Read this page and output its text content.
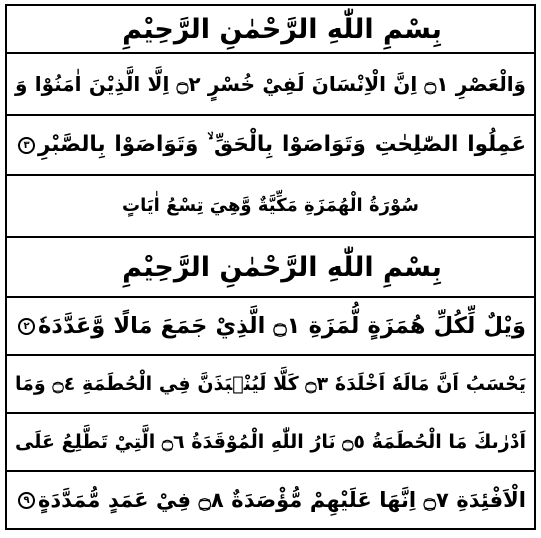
بِسْمِ اللّٰهِ الرَّحْمٰنِ الرَّحِيْمِ
وَالْعَصْرِ ۝١ اِنَّ الْاِنْسَانَ لَفِيْ خُسْرٍ ۝٢ اِلَّا الَّذِيْنَ اٰمَنُوْا وَ
عَمِلُوا الصّٰلِحٰتِ وَتَوَاصَوْا بِالْحَقِّ ۙ وَتَوَاصَوْا بِالصَّبْرِ
٣
سُوْرَةُ الْهُمَزَةِ مَكِّيَّةٌ وَّهِيَ تِسْعُ اٰيَاتٍ
بِسْمِ اللّٰهِ الرَّحْمٰنِ الرَّحِيْمِ
وَيْلٌ لِّكُلِّ هُمَزَةٍ لُّمَزَةِ ۝١ الَّذِيْ جَمَعَ مَالًا وَّعَدَّدَهٗ
٢
يَحْسَبُ اَنَّ مَالَهٗ اَخْلَدَهٗ ۝٣ كَلَّا لَيُنْۢبَذَنَّ فِي الْحُطَمَةِ ۝٤ وَمَا
اَدْرٰىكَ مَا الْحُطَمَةُ ۝٥ نَارُ اللّٰهِ الْمُوْقَدَةُ ۝٦ الَّتِيْ تَطَّلِعُ عَلَى
الْاَفْئِدَةِ ۝٧ اِنَّهَا عَلَيْهِمْ مُّؤْصَدَةٌ ۝٨ فِيْ عَمَدٍ مُّمَدَّدَةٍ
٩
